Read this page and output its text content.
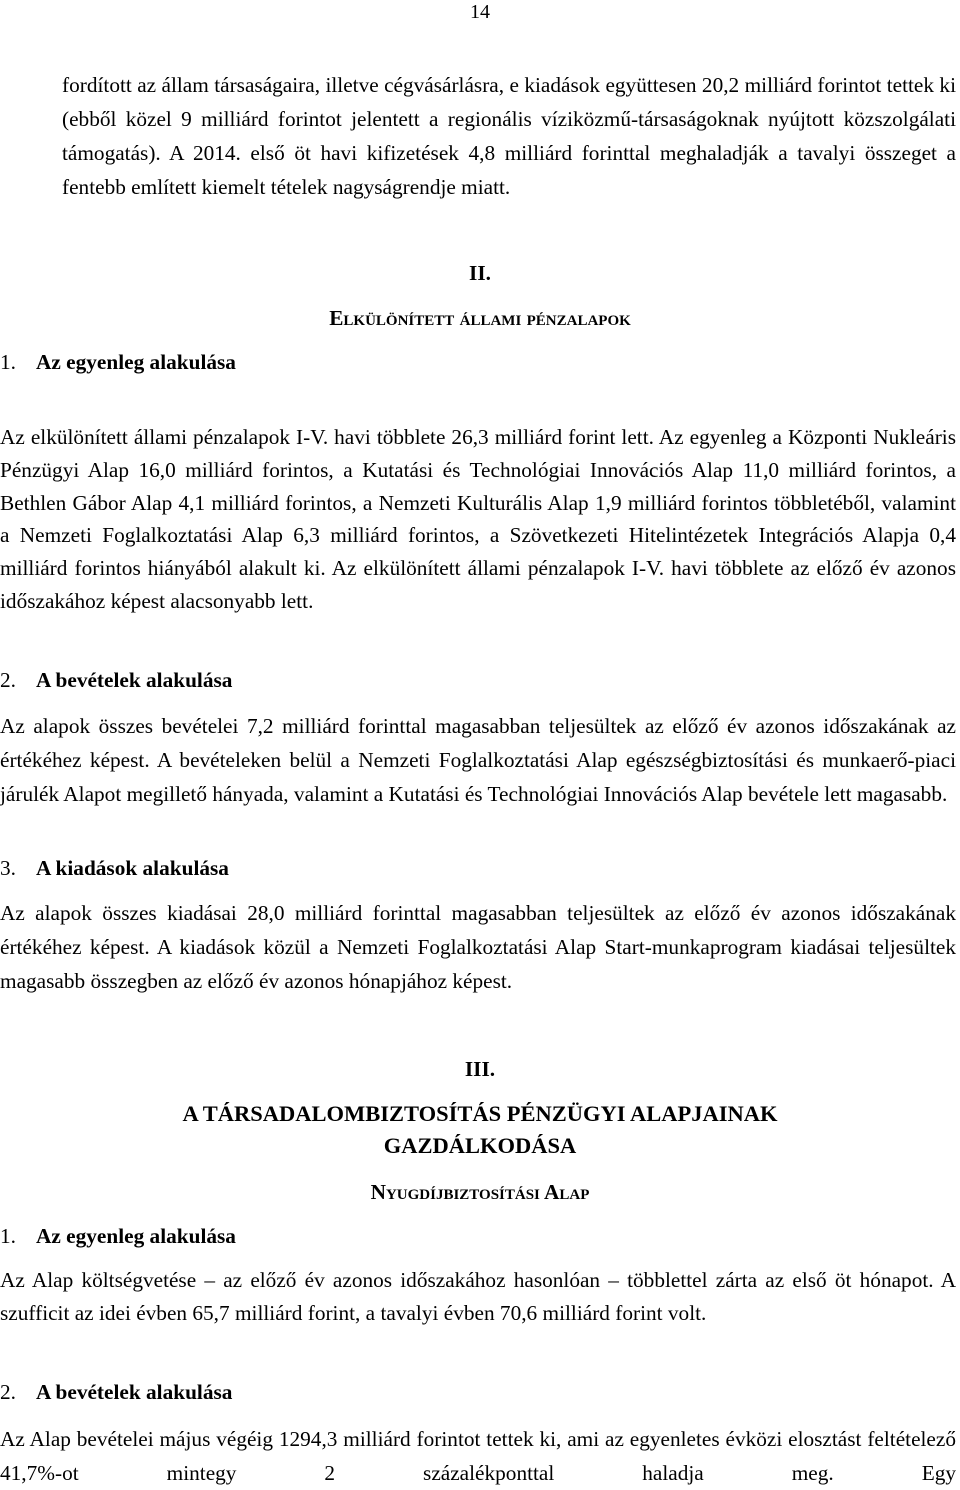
14

fordított az állam társaságaira, illetve cégvásárlásra, e kiadások együttesen 20,2 milliárd forintot tettek ki (ebből közel 9 milliárd forintot jelentett a regionális víziközmű-társaságoknak nyújtott közszolgálati támogatás). A 2014. első öt havi kifizetések 4,8 milliárd forinttal meghaladják a tavalyi összeget a fentebb említett kiemelt tételek nagyságrendje miatt.

II.
Elkülönített állami pénzalapok
1. Az egyenleg alakulása

Az elkülönített állami pénzalapok I-V. havi többlete 26,3 milliárd forint lett. Az egyenleg a Központi Nukleáris Pénzügyi Alap 16,0 milliárd forintos, a Kutatási és Technológiai Innovációs Alap 11,0 milliárd forintos, a Bethlen Gábor Alap 4,1 milliárd forintos, a Nemzeti Kulturális Alap 1,9 milliárd forintos többletéből, valamint a Nemzeti Foglalkoztatási Alap 6,3 milliárd forintos, a Szövetkezeti Hitelintézetek Integrációs Alapja 0,4 milliárd forintos hiányából alakult ki. Az elkülönített állami pénzalapok I-V. havi többlete az előző év azonos időszakához képest alacsonyabb lett.

2. A bevételek alakulása

Az alapok összes bevételei 7,2 milliárd forinttal magasabban teljesültek az előző év azonos időszakának az értékéhez képest. A bevételeken belül a Nemzeti Foglalkoztatási Alap egészségbiztosítási és munkaerő-piaci járulék Alapot megillető hányada, valamint a Kutatási és Technológiai Innovációs Alap bevétele lett magasabb.

3. A kiadások alakulása

Az alapok összes kiadásai 28,0 milliárd forinttal magasabban teljesültek az előző év azonos időszakának értékéhez képest. A kiadások közül a Nemzeti Foglalkoztatási Alap Start-munkaprogram kiadásai teljesültek magasabb összegben az előző év azonos hónapjához képest.

III.
A TÁRSADALOMBIZTOSÍTÁS PÉNZÜGYI ALAPJAINAK
GAZDÁLKODÁSA
Nyugdíjbiztosítási Alap
1. Az egyenleg alakulása

Az Alap költségvetése – az előző év azonos időszakához hasonlóan – többlettel zárta az első öt hónapot. A szufficit az idei évben 65,7 milliárd forint, a tavalyi évben 70,6 milliárd forint volt.

2. A bevételek alakulása

Az Alap bevételei május végéig 1294,3 milliárd forintot tettek ki, ami az egyenletes évközi elosztást feltételező 41,7%-ot mintegy 2 százalékponttal haladja meg. Egy
